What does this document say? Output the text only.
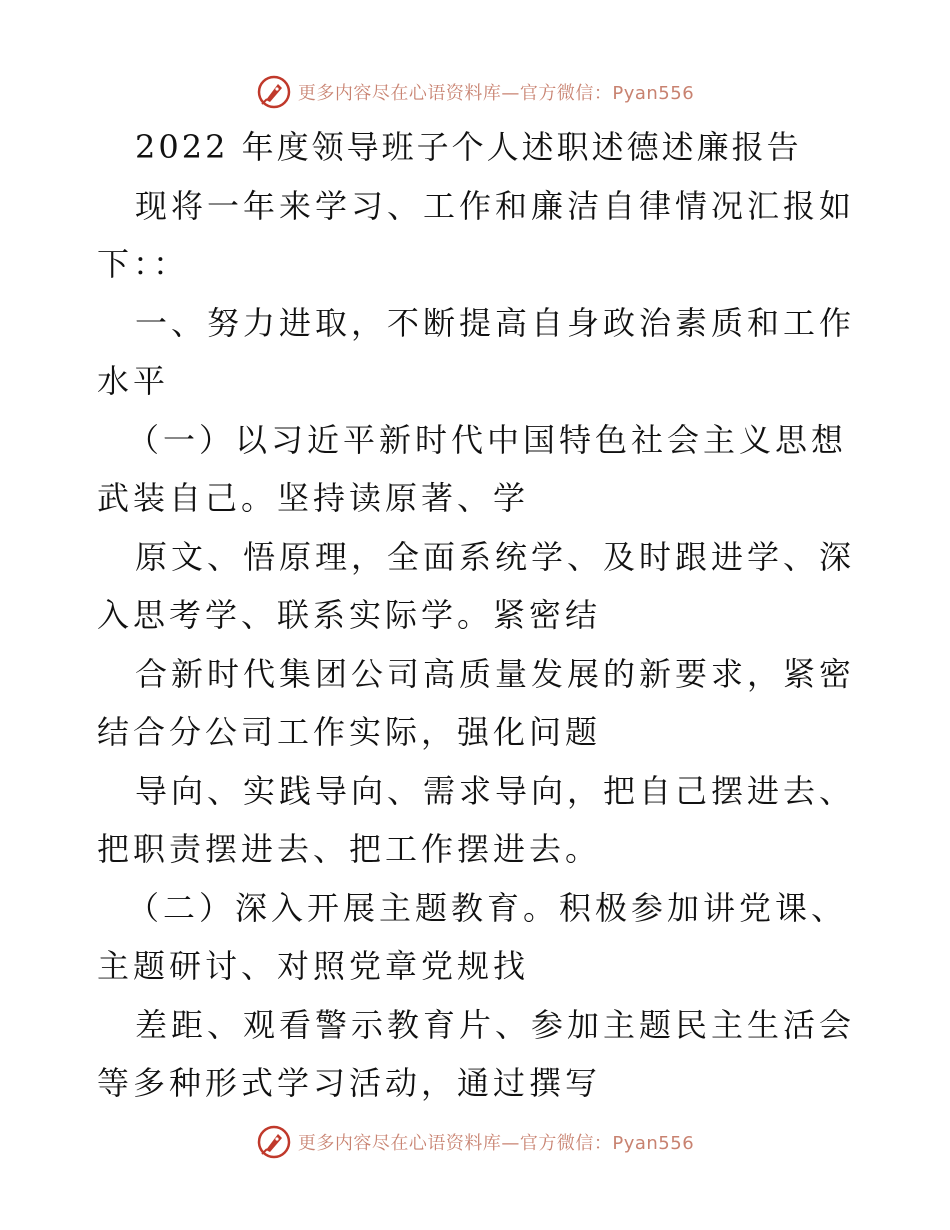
更多内容尽在心语资料库—官方微信：Pyan556

2022 年度领导班子个人述职述德述廉报告

现将一年来学习、工作和廉洁自律情况汇报如下：：

一、努力进取，不断提高自身政治素质和工作水平

（一）以习近平新时代中国特色社会主义思想武装自己。坚持读原著、学

原文、悟原理，全面系统学、及时跟进学、深入思考学、联系实际学。紧密结

合新时代集团公司高质量发展的新要求，紧密结合分公司工作实际，强化问题

导向、实践导向、需求导向，把自己摆进去、把职责摆进去、把工作摆进去。

（二）深入开展主题教育。积极参加讲党课、主题研讨、对照党章党规找

差距、观看警示教育片、参加主题民主生活会等多种形式学习活动，通过撰写

更多内容尽在心语资料库—官方微信：Pyan556
